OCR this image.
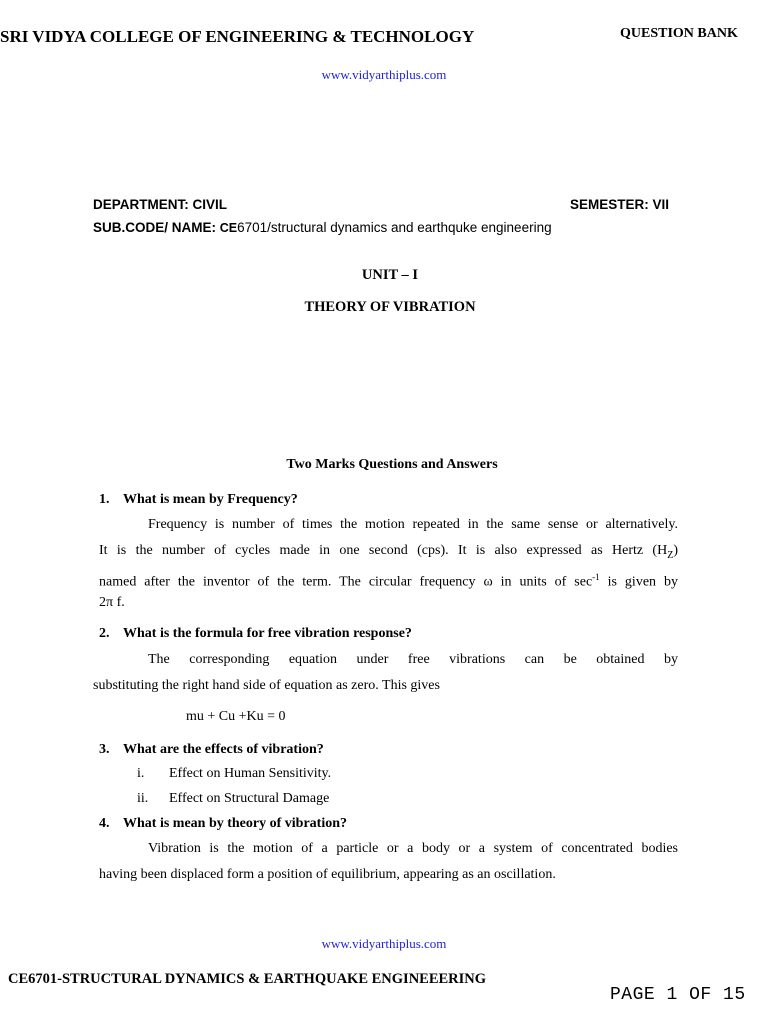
SRI VIDYA COLLEGE OF ENGINEERING & TECHNOLOGY	QUESTION BANK
www.vidyarthiplus.com
DEPARTMENT: CIVIL	SEMESTER: VII
SUB.CODE/ NAME: CE6701/structural dynamics and earthquke engineering
UNIT – I
THEORY OF VIBRATION
Two Marks Questions and Answers
1. What is mean by Frequency?
Frequency is number of times the motion repeated in the same sense or alternatively.
It is the number of cycles made in one second (cps). It is also expressed as Hertz $(H_Z)$
named after the inventor of the term. The circular frequency ω in units of $\sec^{-1}$ is given by
2π f.
2. What is the formula for free vibration response?
The corresponding equation under free vibrations can be obtained by
substituting the right hand side of equation as zero. This gives
mu + Cu +Ku = 0
3. What are the effects of vibration?
i. Effect on Human Sensitivity.
ii. Effect on Structural Damage
4. What is mean by theory of vibration?
Vibration is the motion of a particle or a body or a system of concentrated bodies
having been displaced form a position of equilibrium, appearing as an oscillation.
www.vidyarthiplus.com
CE6701-STRUCTURAL DYNAMICS & EARTHQUAKE ENGINEEERING
PAGE 1 OF 15
